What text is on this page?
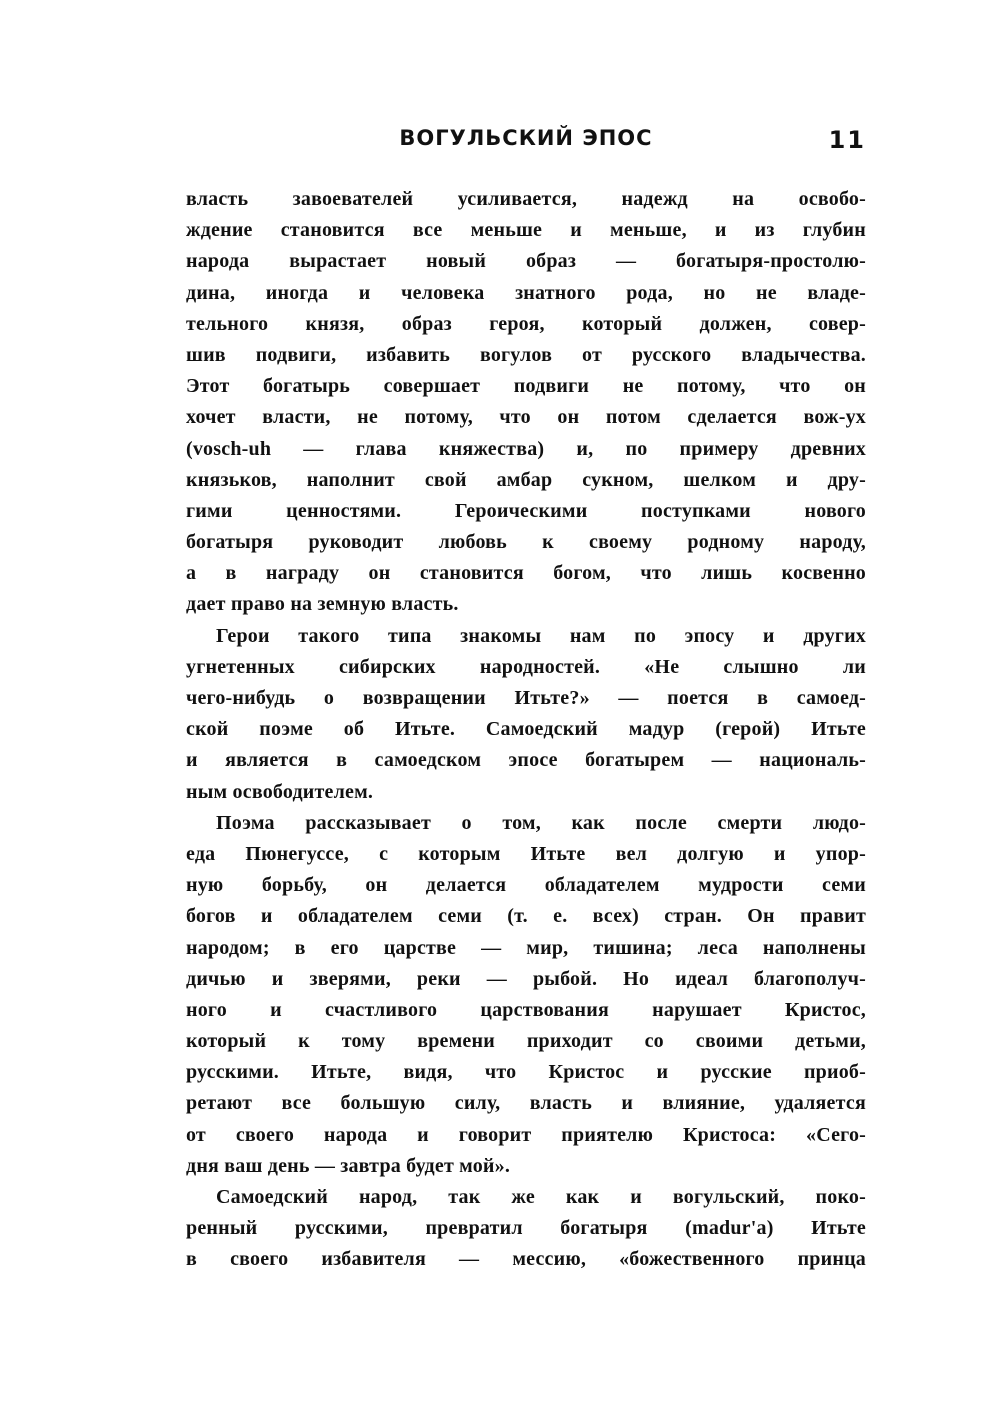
ВОГУЛЬСКИЙ ЭПОС	11
власть завоевателей усиливается, надежд на освобо-
ждение становится все меньше и меньше, и из глубин
народа вырастает новый образ — богатыря-простолю-
дина, иногда и человека знатного рода, но не владе-
тельного князя, образ героя, который должен, совер-
шив подвиги, избавить вогулов от русского владычества.
Этот богатырь совершает подвиги не потому, что он
хочет власти, не потому, что он потом сделается вож-ух
(vosch-uh — глава княжества) и, по примеру древних
князьков, наполнит свой амбар сукном, шелком и дру-
гими ценностями. Героическими поступками нового
богатыря руководит любовь к своему родному народу,
а в награду он становится богом, что лишь косвенно
дает право на земную власть.
Герои такого типа знакомы нам по эпосу и других
угнетенных сибирских народностей. «Не слышно ли
чего-нибудь о возвращении Итьте?» — поется в самоед-
ской поэме об Итьте. Самоедский мадур (герой) Итьте
и является в самоедском эпосе богатырем — националь-
ным освободителем.
Поэма рассказывает о том, как после смерти людо-
еда Пюнегуссе, с которым Итьте вел долгую и упор-
ную борьбу, он делается обладателем мудрости семи
богов и обладателем семи (т. е. всех) стран. Он правит
народом; в его царстве — мир, тишина; леса наполнены
дичью и зверями, реки — рыбой. Но идеал благополуч-
ного и счастливого царствования нарушает Кристос,
который к тому времени приходит со своими детьми,
русскими. Итьте, видя, что Кристос и русские приоб-
ретают все большую силу, власть и влияние, удаляется
от своего народа и говорит приятелю Кристоса: «Сего-
дня ваш день — завтра будет мой».
Самоедский народ, так же как и вогульский, поко-
ренный русскими, превратил богатыря (madur'a) Итьте
в своего избавителя — мессию, «божественного принца
